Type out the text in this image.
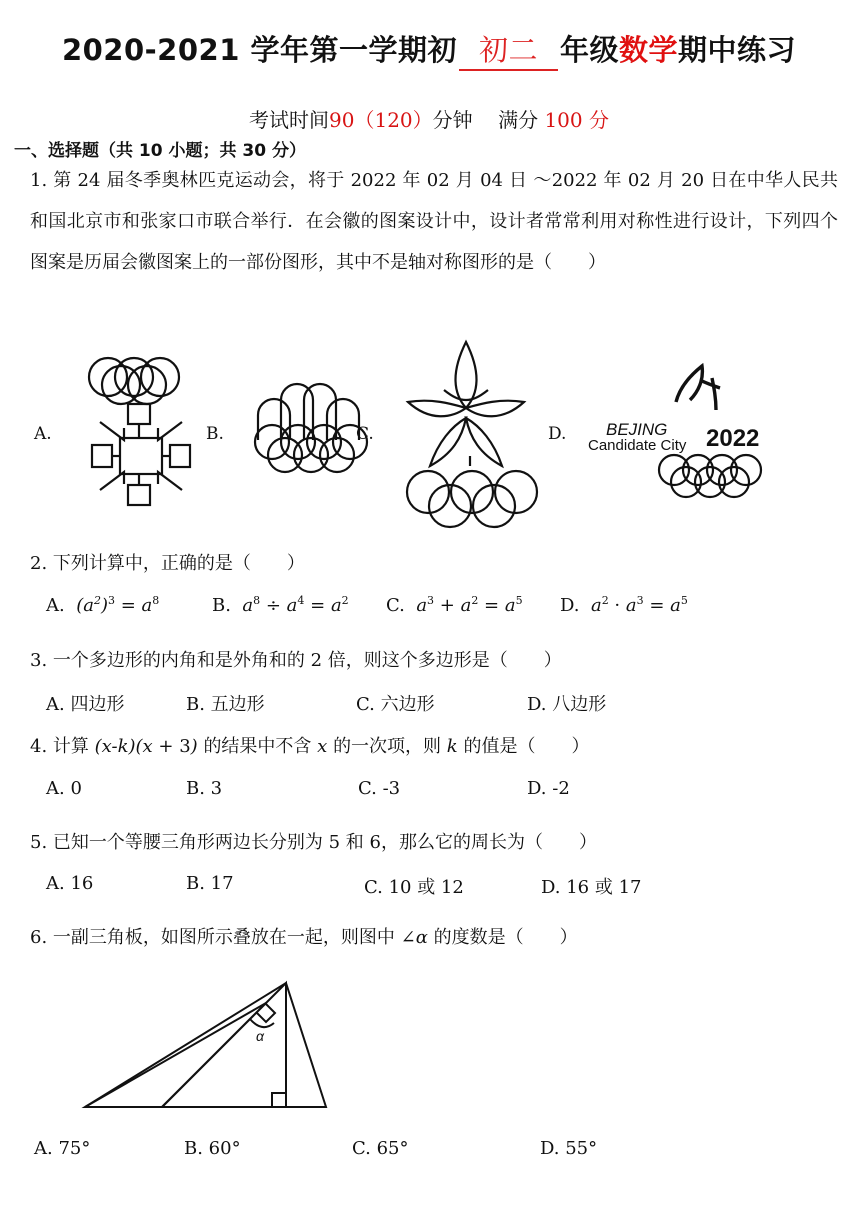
2020-2021 学年第一学期初 初二 年级数学期中练习
考试时间90（120）分钟 满分 100 分
一、选择题（共 10 小题；共 30 分）
1. 第 24 届冬季奥林匹克运动会，将于 2022 年 02 月 04 日 ～2022 年 02 月 20 日在中华人民共和国北京市和张家口市联合举行．在会徽的图案设计中，设计者常常利用对称性进行设计，下列四个图案是历届会徽图案上的一部份图形，其中不是轴对称图形的是（　　）
A.	B.	C.	D. BEJING
Candidate City 2022
2. 下列计算中，正确的是（　　）
A. $(a^2)^3 = a^8$	B. $a^8 \div a^4 = a^2$ C. $a^3 + a^2 = a^5$ D. $a^2 \cdot a^3 = a^5$
3. 一个多边形的内角和是外角和的 2 倍，则这个多边形是（　　）
A. 四边形	B. 五边形	C. 六边形	D. 八边形
4. 计算 (x-k)(x + 3) 的结果中不含 x 的一次项，则 k 的值是（　　）
A. 0	B. 3	C. -3	D. -2
5. 已知一个等腰三角形两边长分别为 5 和 6，那么它的周长为（　　）
A. 16	B. 17	C. 10 或 12	D. 16 或 17
6. 一副三角板，如图所示叠放在一起，则图中 ∠α 的度数是（　　）
α
A. 75°	B. 60°	C. 65°	D. 55°
